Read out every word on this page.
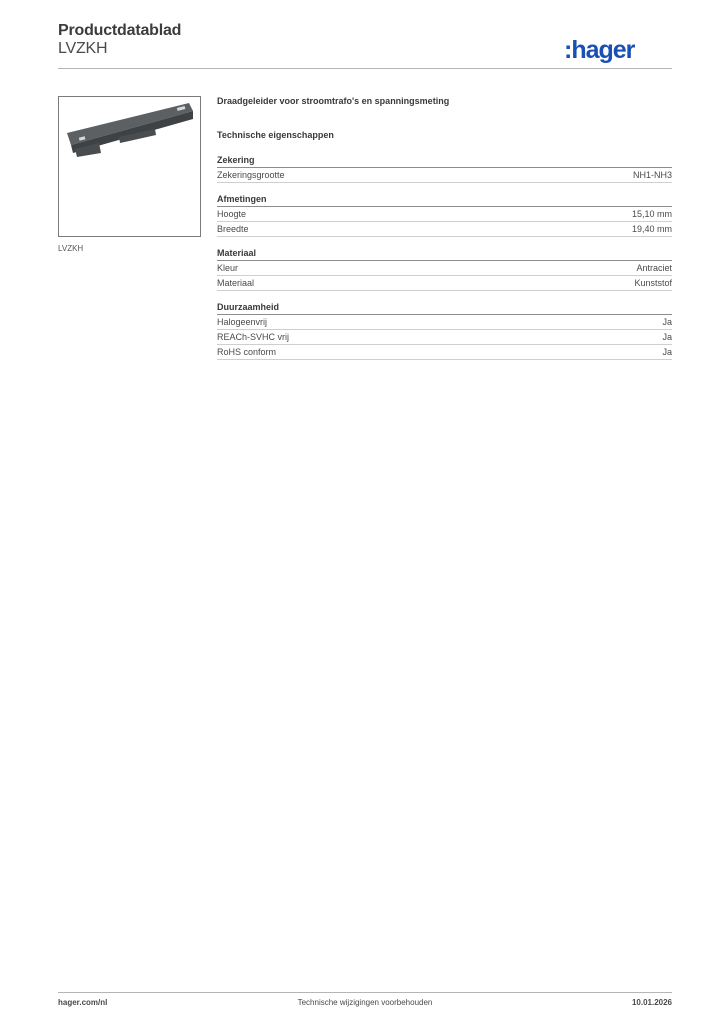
Productdatablad
LVZKH	:hager
LVZKH
Draadgeleider voor stroomtrafo's en spanningsmeting
Technische eigenschappen
Zekering
Zekeringsgrootte	NH1-NH3
Afmetingen
Hoogte	15,10 mm
Breedte	19,40 mm
Materiaal
Kleur	Antraciet
Materiaal	Kunststof
Duurzaamheid
Halogeenvrij	Ja
REACh-SVHC vrij	Ja
RoHS conform	Ja
hager.com/nl	Technische wijzigingen voorbehouden	10.01.2026
